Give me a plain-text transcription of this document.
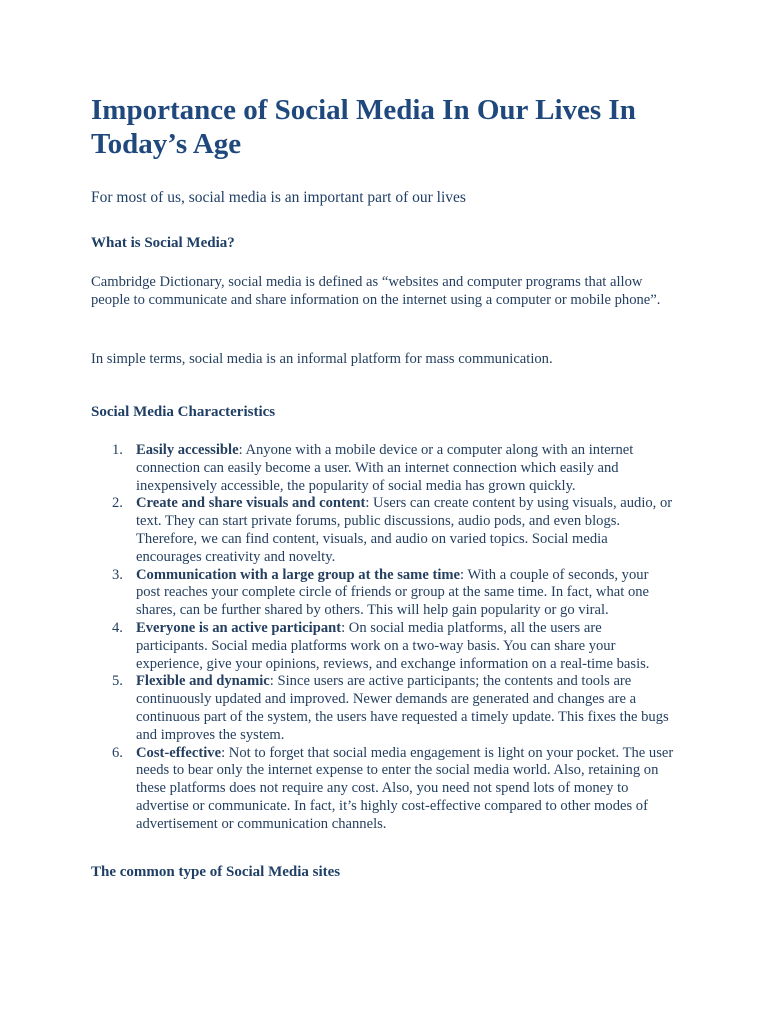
Importance of Social Media In Our Lives In Today’s Age

For most of us, social media is an important part of our lives

What is Social Media?

Cambridge Dictionary, social media is defined as “websites and computer programs that allow people to communicate and share information on the internet using a computer or mobile phone”.

In simple terms, social media is an informal platform for mass communication.

Social Media Characteristics
1. Easily accessible: Anyone with a mobile device or a computer along with an internet connection can easily become a user. With an internet connection which easily and inexpensively accessible, the popularity of social media has grown quickly.
2. Create and share visuals and content: Users can create content by using visuals, audio, or text. They can start private forums, public discussions, audio pods, and even blogs. Therefore, we can find content, visuals, and audio on varied topics. Social media encourages creativity and novelty.
3. Communication with a large group at the same time: With a couple of seconds, your post reaches your complete circle of friends or group at the same time. In fact, what one shares, can be further shared by others. This will help gain popularity or go viral.
4. Everyone is an active participant: On social media platforms, all the users are participants. Social media platforms work on a two-way basis. You can share your experience, give your opinions, reviews, and exchange information on a real-time basis.
5. Flexible and dynamic: Since users are active participants; the contents and tools are continuously updated and improved. Newer demands are generated and changes are a continuous part of the system, the users have requested a timely update. This fixes the bugs and improves the system.
6. Cost-effective: Not to forget that social media engagement is light on your pocket. The user needs to bear only the internet expense to enter the social media world. Also, retaining on these platforms does not require any cost. Also, you need not spend lots of money to advertise or communicate. In fact, it’s highly cost-effective compared to other modes of advertisement or communication channels.
The common type of Social Media sites
